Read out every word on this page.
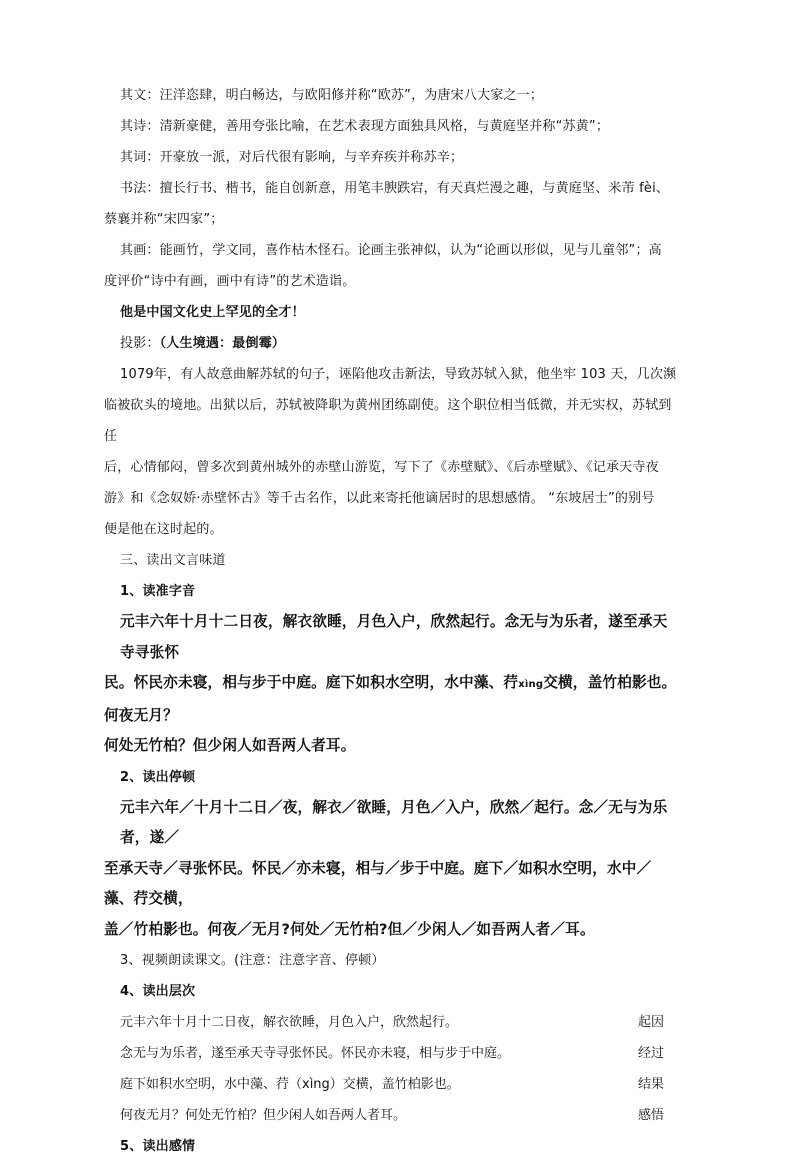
其文：汪洋恣肆，明白畅达，与欧阳修并称“欧苏”，为唐宋八大家之一；

其诗：清新豪健，善用夸张比喻，在艺术表现方面独具风格，与黄庭坚并称“苏黄”；

其词：开豪放一派，对后代很有影响，与辛弃疾并称苏辛；

书法：擅长行书、楷书，能自创新意，用笔丰腴跌宕，有天真烂漫之趣，与黄庭坚、米芾 fèi、

蔡襄并称“宋四家”；

其画：能画竹，学文同，喜作枯木怪石。论画主张神似，认为“论画以形似，见与儿童邻”；高

度评价“诗中有画，画中有诗”的艺术造诣。

他是中国文化史上罕见的全才！

投影：（人生境遇：最倒霉）

1079年，有人故意曲解苏轼的句子，诬陷他攻击新法，导致苏轼入狱，他坐牢 103 天，几次濒

临被砍头的境地。出狱以后，苏轼被降职为黄州团练副使。这个职位相当低微，并无实权，苏轼到任

后，心情郁闷，曾多次到黄州城外的赤壁山游览，写下了《赤壁赋》、《后赤壁赋》、《记承天寺夜

游》和《念奴娇·赤壁怀古》等千古名作，以此来寄托他谪居时的思想感情。 “东坡居士”的别号

便是他在这时起的。

三、读出文言味道

1、读准字音

元丰六年十月十二日夜，解衣欲睡，月色入户，欣然起行。念无与为乐者，遂至承天寺寻张怀

民。怀民亦未寝，相与步于中庭。庭下如积水空明，水中藻、荇xìng交横，盖竹柏影也。何夜无月？

何处无竹柏？但少闲人如吾两人者耳。

2、读出停顿

元丰六年／十月十二日／夜，解衣／欲睡，月色／入户，欣然／起行。念／无与为乐者，遂／

至承天寺／寻张怀民。怀民／亦未寝，相与／步于中庭。庭下／如积水空明，水中／藻、荇交横，

盖／竹柏影也。何夜／无月?何处／无竹柏?但／少闲人／如吾两人者／耳。

3、视频朗读课文。(注意：注意字音、停顿）

4、读出层次

元丰六年十月十二日夜，解衣欲睡，月色入户，欣然起行。	起因
念无与为乐者，遂至承天寺寻张怀民。怀民亦未寝，相与步于中庭。	经过
庭下如积水空明，水中藻、荇（xìng）交横，盖竹柏影也。	结果
何夜无月？何处无竹柏？但少闲人如吾两人者耳。	感悟

5、读出感情
